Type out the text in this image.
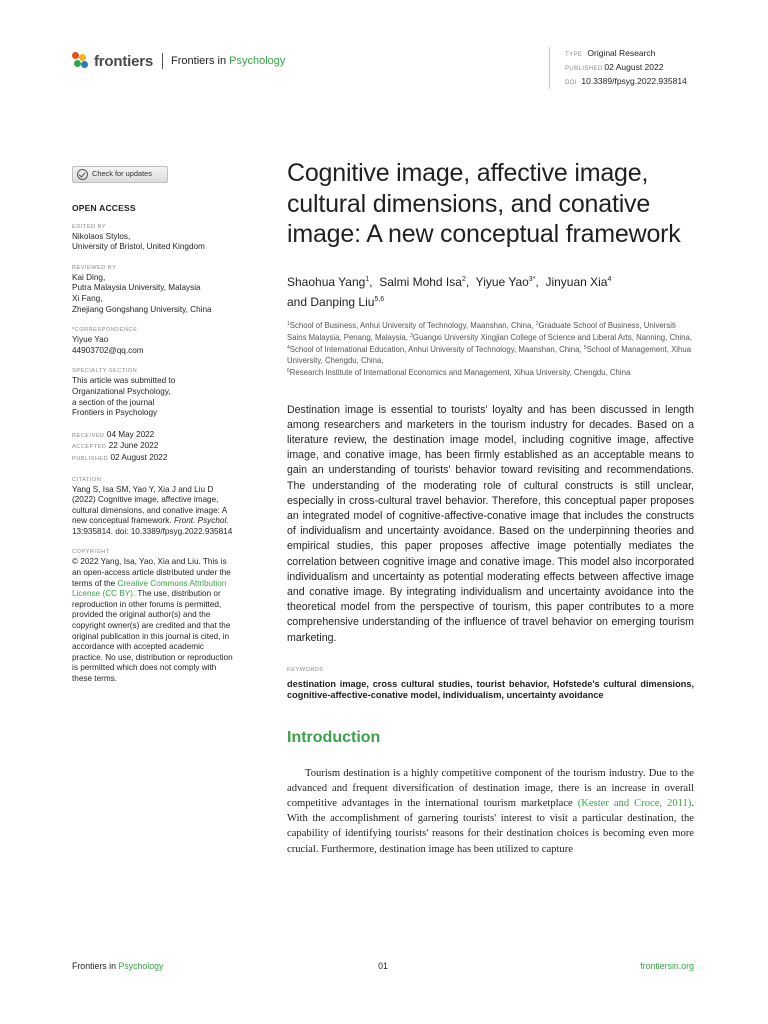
frontiers Frontiers in Psychology	TYPE Original Research
PUBLISHED 02 August 2022
DOI 10.3389/fpsyg.2022.935814
Check for updates
OPEN ACCESS
EDITED BY
Nikolaos Stylos,
University of Bristol, United Kingdom
REVIEWED BY
Kai Ding,
Putra Malaysia University, Malaysia
Xi Fang,
Zhejiang Gongshang University, China
*CORRESPONDENCE
Yiyue Yao
44903702@qq.com
SPECIALTY SECTION
This article was submitted to
Organizational Psychology,
a section of the journal
Frontiers in Psychology
RECEIVED 04 May 2022
ACCEPTED 22 June 2022
PUBLISHED 02 August 2022
CITATION
Yang S, Isa SM, Yao Y, Xia J and Liu D (2022) Cognitive image, affective image, cultural dimensions, and conative image: A new conceptual framework. Front. Psychol. 13:935814. doi: 10.3389/fpsyg.2022.935814
COPYRIGHT
© 2022 Yang, Isa, Yao, Xia and Liu. This is an open-access article distributed under the terms of the Creative Commons Attribution License (CC BY). The use, distribution or reproduction in other forums is permitted, provided the original author(s) and the copyright owner(s) are credited and that the original publication in this journal is cited, in accordance with accepted academic practice. No use, distribution or reproduction is permitted which does not comply with these terms.
Cognitive image, affective image, cultural dimensions, and conative image: A new conceptual framework
Shaohua Yang$^1$,  Salmi Mohd Isa$^2$,  Yiyue Yao$^{3*}$,  Jinyuan Xia$^4$
and Danping Liu$^{5,6}$
$^1$School of Business, Anhui University of Technology, Maanshan, China, $^2$Graduate School of Business, Universiti Sains Malaysia, Penang, Malaysia, $^3$Guangxi University Xingjian College of Science and Liberal Arts, Nanning, China, $^4$School of International Education, Anhui University of Technology, Maanshan, China, $^5$School of Management, Xihua University, Chengdu, China,
$^6$Research Institute of International Economics and Management, Xihua University, Chengdu, China

Destination image is essential to tourists' loyalty and has been discussed in length among researchers and marketers in the tourism industry for decades. Based on a literature review, the destination image model, including cognitive image, affective image, and conative image, has been firmly established as an acceptable means to gain an understanding of tourists' behavior toward revisiting and recommendations. The understanding of the moderating role of cultural constructs is still unclear, especially in cross-cultural travel behavior. Therefore, this conceptual paper proposes an integrated model of cognitive-affective-conative image that includes the constructs of individualism and uncertainty avoidance. Based on the underpinning theories and empirical studies, this paper proposes affective image potentially mediates the correlation between cognitive image and conative image. This model also incorporated individualism and uncertainty as potential moderating effects between affective image and conative image. By integrating individualism and uncertainty avoidance into the theoretical model from the perspective of tourism, this paper contributes to a more comprehensive understanding of the influence of travel behavior on emerging tourism marketing.

KEYWORDS

destination image, cross cultural studies, tourist behavior, Hofstede's cultural dimensions, cognitive-affective-conative model, individualism, uncertainty avoidance

Introduction

Tourism destination is a highly competitive component of the tourism industry. Due to the advanced and frequent diversification of destination image, there is an increase in overall competitive advantages in the international tourism marketplace (Kester and Croce, 2011). With the accomplishment of garnering tourists' interest to visit a particular destination, the capability of identifying tourists' reasons for their destination choices is becoming even more crucial. Furthermore, destination image has been utilized to capture

Frontiers in Psychology	01	frontiersin.org
